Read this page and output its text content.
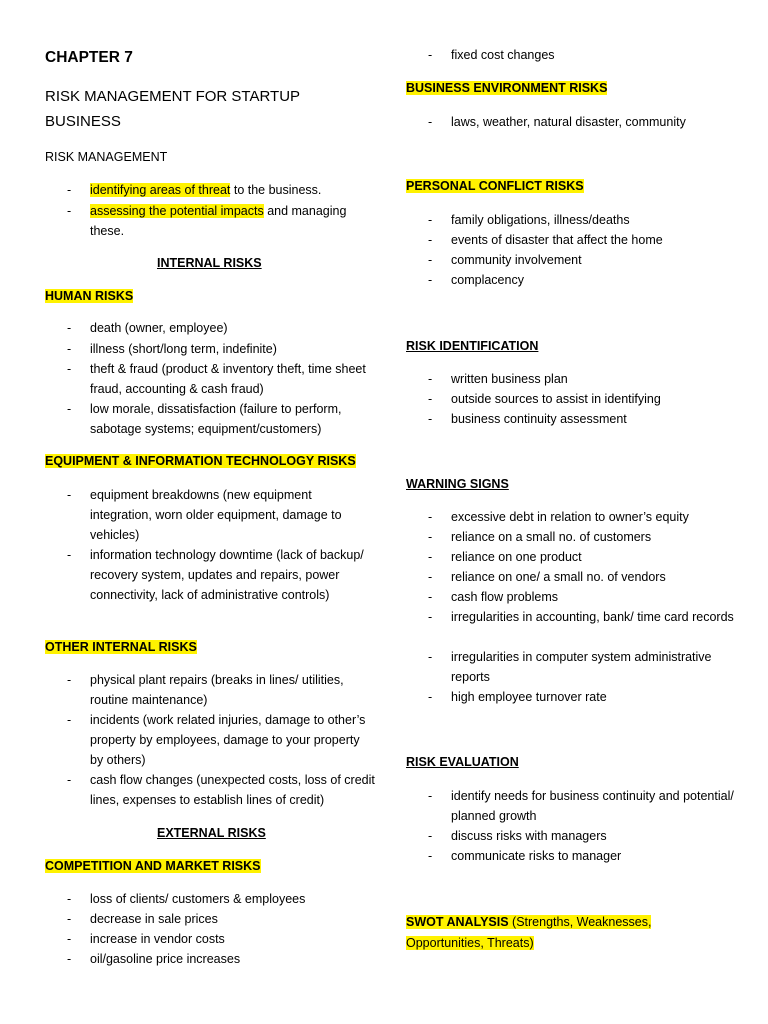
CHAPTER 7
RISK MANAGEMENT FOR STARTUP BUSINESS
RISK MANAGEMENT
- identifying areas of threat to the business.
- assessing the potential impacts and managing these.
INTERNAL RISKS
HUMAN RISKS
- death (owner, employee)
- illness (short/long term, indefinite)
- theft & fraud (product & inventory theft, time sheet fraud, accounting & cash fraud)
- low morale, dissatisfaction (failure to perform, sabotage systems; equipment/customers)
EQUIPMENT & INFORMATION TECHNOLOGY RISKS
- equipment breakdowns (new equipment integration, worn older equipment, damage to vehicles)
- information technology downtime (lack of backup/ recovery system, updates and repairs, power connectivity, lack of administrative controls)
OTHER INTERNAL RISKS
- physical plant repairs (breaks in lines/ utilities, routine maintenance)
- incidents (work related injuries, damage to other’s property by employees, damage to your property by others)
- cash flow changes (unexpected costs, loss of credit lines, expenses to establish lines of credit)
EXTERNAL RISKS
COMPETITION AND MARKET RISKS
- loss of clients/ customers & employees
- decrease in sale prices
- increase in vendor costs
- oil/gasoline price increases
- fixed cost changes
BUSINESS ENVIRONMENT RISKS
- laws, weather, natural disaster, community
PERSONAL CONFLICT RISKS
- family obligations, illness/deaths
- events of disaster that affect the home
- community involvement
- complacency
RISK IDENTIFICATION
- written business plan
- outside sources to assist in identifying
- business continuity assessment
WARNING SIGNS
- excessive debt in relation to owner’s equity
- reliance on a small no. of customers
- reliance on one product
- reliance on one/ a small no. of vendors
- cash flow problems
- irregularities in accounting, bank/ time card records
- irregularities in computer system administrative reports
- high employee turnover rate
RISK EVALUATION
- identify needs for business continuity and potential/ planned growth
- discuss risks with managers
- communicate risks to manager
SWOT ANALYSIS (Strengths, Weaknesses, Opportunities, Threats)
